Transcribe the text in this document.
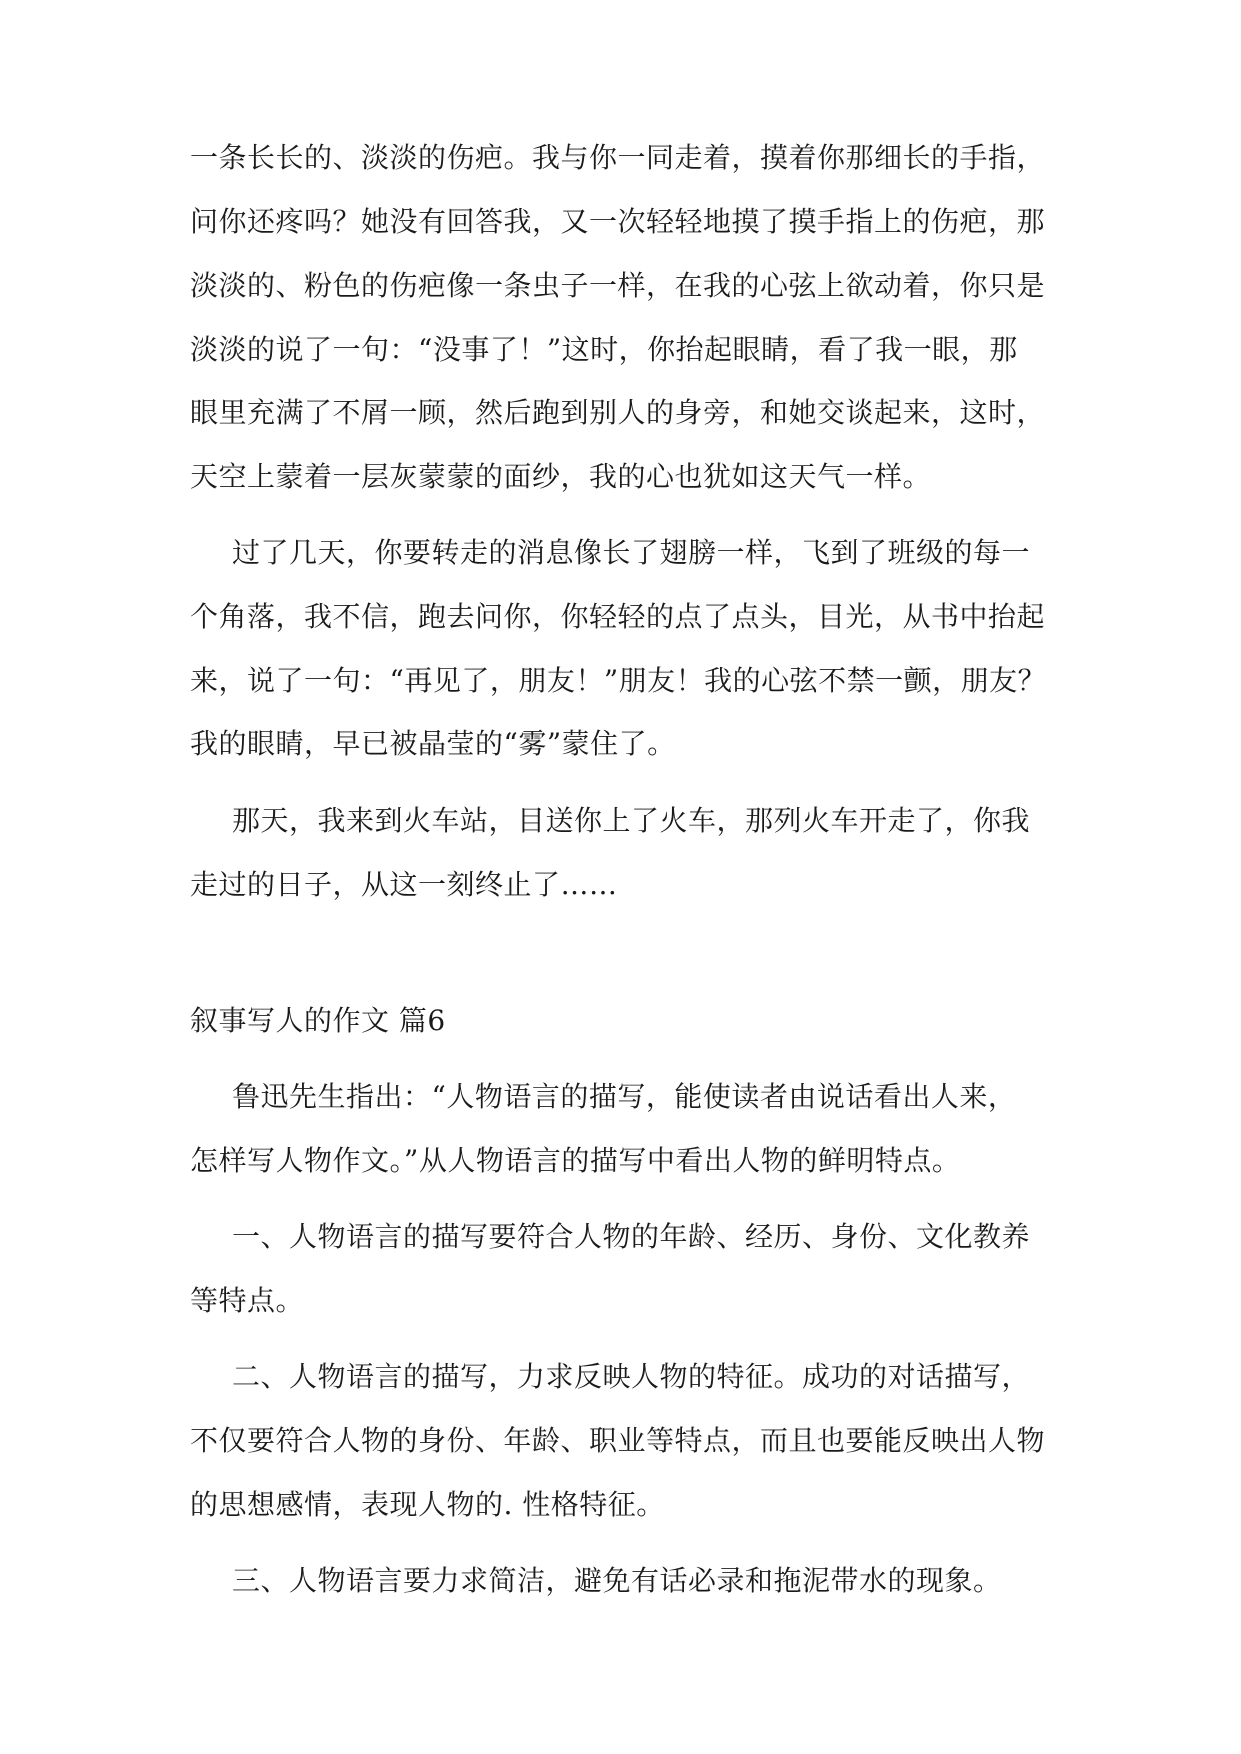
一条长长的、淡淡的伤疤。我与你一同走着，摸着你那细长的手指，
问你还疼吗？她没有回答我，又一次轻轻地摸了摸手指上的伤疤，那
淡淡的、粉色的伤疤像一条虫子一样，在我的心弦上欲动着，你只是
淡淡的说了一句：“没事了！”这时，你抬起眼睛，看了我一眼，那
眼里充满了不屑一顾，然后跑到别人的身旁，和她交谈起来，这时，
天空上蒙着一层灰蒙蒙的面纱，我的心也犹如这天气一样。
过了几天，你要转走的消息像长了翅膀一样，飞到了班级的每一
个角落，我不信，跑去问你，你轻轻的点了点头，目光，从书中抬起
来，说了一句：“再见了，朋友！”朋友！我的心弦不禁一颤，朋友？
我的眼睛，早已被晶莹的“雾”蒙住了。
那天，我来到火车站，目送你上了火车，那列火车开走了，你我
走过的日子，从这一刻终止了……
叙事写人的作文 篇6
鲁迅先生指出：“人物语言的描写，能使读者由说话看出人来，
怎样写人物作文。”从人物语言的描写中看出人物的鲜明特点。
一、人物语言的描写要符合人物的年龄、经历、身份、文化教养
等特点。
二、人物语言的描写，力求反映人物的特征。成功的对话描写，
不仅要符合人物的身份、年龄、职业等特点，而且也要能反映出人物
的思想感情，表现人物的. 性格特征。
三、人物语言要力求简洁，避免有话必录和拖泥带水的现象。
